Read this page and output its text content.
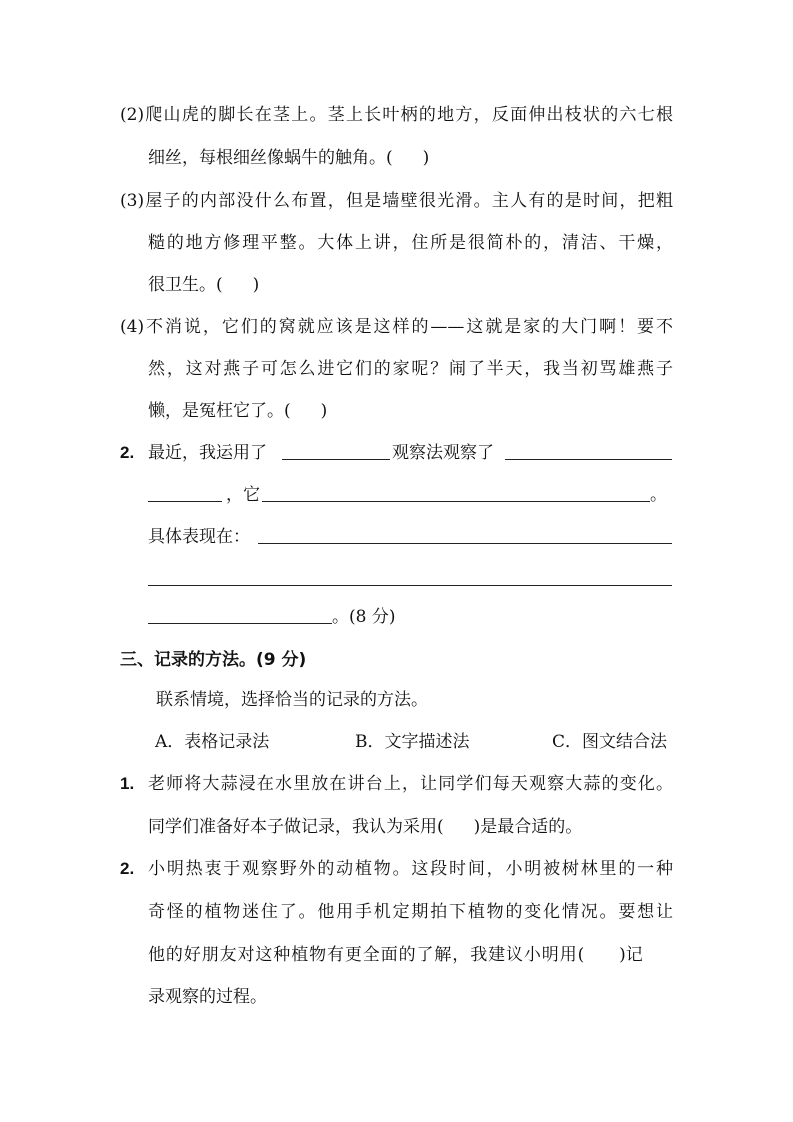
(2)爬山虎的脚长在茎上。茎上长叶柄的地方，反面伸出枝状的六七根
细丝，每根细丝像蜗牛的触角。( )
(3)屋子的内部没什么布置，但是墙壁很光滑。主人有的是时间，把粗
糙的地方修理平整。大体上讲，住所是很简朴的，清洁、干燥，
很卫生。( )
(4)不消说，它们的窝就应该是这样的——这就是家的大门啊！要不
然，这对燕子可怎么进它们的家呢？闹了半天，我当初骂雄燕子
懒，是冤枉它了。( )
2. 最近，我运用了	观察法观察了
，它	。
具体表现在：
。(8 分)
三、记录的方法。(9 分)
联系情境，选择恰当的记录的方法。
A．表格记录法	B．文字描述法	C．图文结合法
1. 老师将大蒜浸在水里放在讲台上，让同学们每天观察大蒜的变化。
同学们准备好本子做记录，我认为采用( )是最合适的。
2. 小明热衷于观察野外的动植物。这段时间，小明被树林里的一种
奇怪的植物迷住了。他用手机定期拍下植物的变化情况。要想让
他的好朋友对这种植物有更全面的了解，我建议小明用( )记
录观察的过程。
